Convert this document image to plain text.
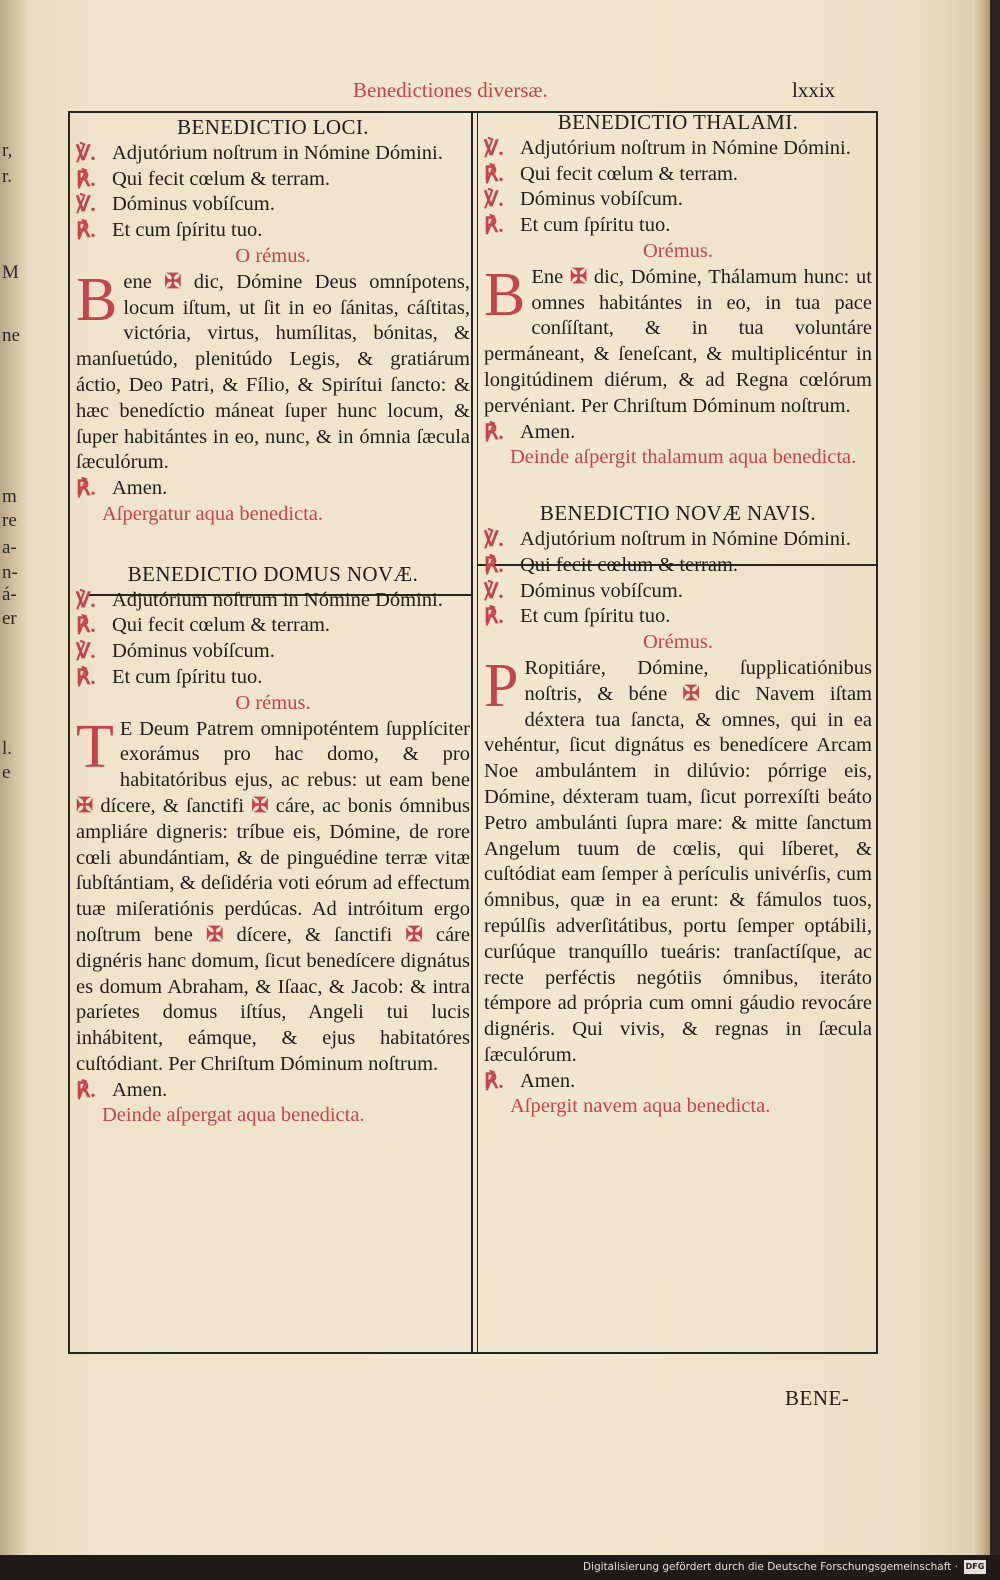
r,
r.
M
ne
m
re
a-
n-
á-
er
l.
e
Benedictiones diversæ.	lxxix

BENEDICTIO LOCI.

℣. Adjutórium noſtrum in Nómine Dómini.
℟. Qui fecit cœlum & terram.
℣. Dóminus vobíſcum.
℟. Et cum ſpíritu tuo.

O rémus.

Bene ✠ dic, Dómine Deus omnípotens, locum iſtum, ut ſit in eo ſánitas, cáſtitas, victória, virtus, humílitas, bónitas, & manſuetúdo, plenitúdo Legis, & gratiárum áctio, Deo Patri, & Fílio, & Spirítui ſancto: & hæc benedíctio máneat ſuper hunc locum, & ſuper habitántes in eo, nunc, & in ómnia ſæcula ſæculórum.

℟. Amen.

Aſpergatur aqua benedicta.

BENEDICTIO DOMUS NOVÆ.

℣. Adjutórium noſtrum in Nómine Dómini.
℟. Qui fecit cœlum & terram.
℣. Dóminus vobíſcum.
℟. Et cum ſpíritu tuo.

O rémus.

T E Deum Patrem omnipoténtem ſupplíciter exorámus pro hac domo, & pro habitatóribus ejus, ac rebus: ut eam bene ✠ dícere, & ſanctifi ✠ cáre, ac bonis ómnibus ampliáre digneris: tríbue eis, Dómine, de rore cœli abundántiam, & de pinguédine terræ vitæ ſubſtántiam, & deſidéria voti eórum ad effectum tuæ miſeratiónis perdúcas. Ad intróitum ergo noſtrum bene ✠ dícere, & ſanctifi ✠ cáre dignéris hanc domum, ſicut benedícere dignátus es domum Abraham, & Iſaac, & Jacob: & intra paríetes domus iſtíus, Angeli tui lucis inhábitent, eámque, & ejus habitatóres cuſtódiant. Per Chriſtum Dóminum noſtrum.

℟. Amen.

Deinde aſpergat aqua benedicta.

BENEDICTIO THALAMI.

℣. Adjutórium noſtrum in Nómine Dómini.
℟. Qui fecit cœlum & terram.
℣. Dóminus vobíſcum.
℟. Et cum ſpíritu tuo.

Orémus.

B Ene ✠ dic, Dómine, Thálamum hunc: ut omnes habitántes in eo, in tua pace conſíſtant, & in tua voluntáre permáneant, & ſeneſcant, & multiplicéntur in longitúdinem diérum, & ad Regna cœlórum pervéniant. Per Chriſtum Dóminum noſtrum.

℟. Amen.

Deinde aſpergit thalamum aqua benedicta.

BENEDICTIO NOVÆ NAVIS.

℣. Adjutórium noſtrum in Nómine Dómini.
℟. Qui fecit cœlum & terram.
℣. Dóminus vobíſcum.
℟. Et cum ſpíritu tuo.

Orémus.

P Ropitiáre, Dómine, ſupplicatiónibus noſtris, & béne ✠ dic Navem iſtam déxtera tua ſancta, & omnes, qui in ea vehéntur, ſicut dignátus es benedícere Arcam Noe ambulántem in dilúvio: pórrige eis, Dómine, déxteram tuam, ſicut porrexíſti beáto Petro ambulánti ſupra mare: & mitte ſanctum Angelum tuum de cœlis, qui líberet, & cuſtódiat eam ſemper à perículis univérſis, cum ómnibus, quæ in ea erunt: & fámulos tuos, repúlſis adverſitátibus, portu ſemper optábili, curſúque tranquíllo tueáris: tranſactíſque, ac recte perféctis negótiis ómnibus, iteráto témpore ad própria cum omni gáudio revocáre dignéris. Qui vivis, & regnas in ſæcula ſæculórum.

℟. Amen.

Aſpergit navem aqua benedicta.

BENE-
Digitalisierung gefördert durch die Deutsche Forschungsgemeinschaft · DFG
